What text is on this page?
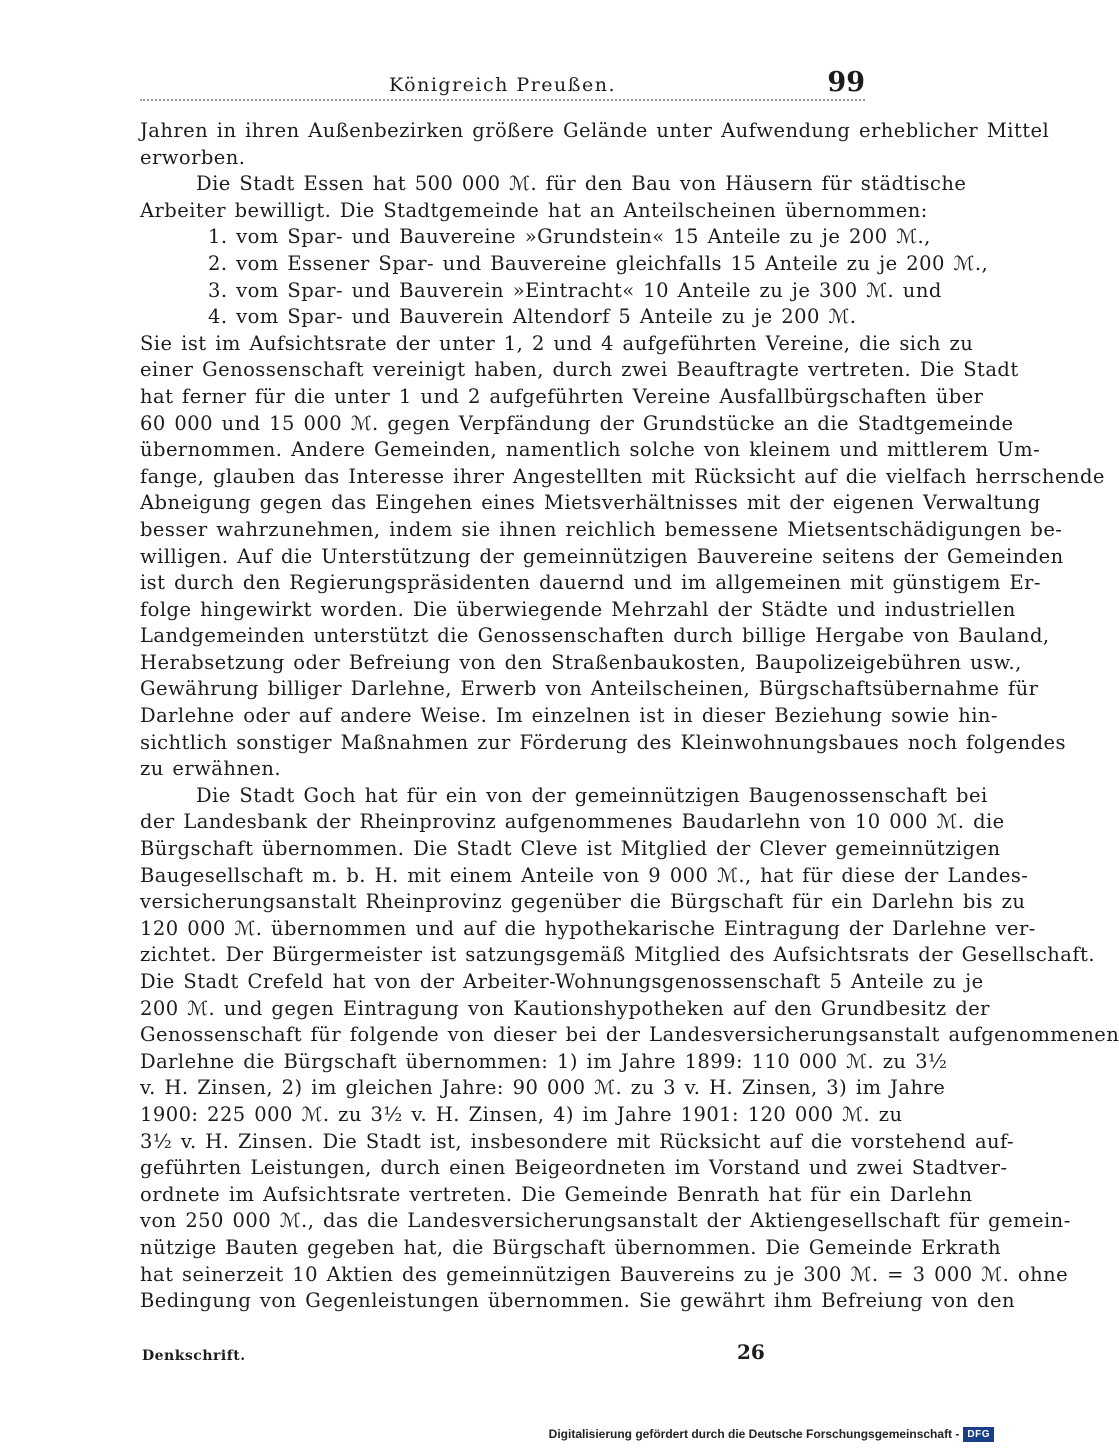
Königreich Preußen.	99
Jahren in ihren Außenbezirken größere Gelände unter Aufwendung erheblicher Mittel
erworben.
Die Stadt Essen hat 500 000 ℳ. für den Bau von Häusern für städtische
Arbeiter bewilligt. Die Stadtgemeinde hat an Anteilscheinen übernommen:
1. vom Spar- und Bauvereine »Grundstein« 15 Anteile zu je 200 ℳ.,
2. vom Essener Spar- und Bauvereine gleichfalls 15 Anteile zu je 200 ℳ.,
3. vom Spar- und Bauverein »Eintracht« 10 Anteile zu je 300 ℳ. und
4. vom Spar- und Bauverein Altendorf 5 Anteile zu je 200 ℳ.
Sie ist im Aufsichtsrate der unter 1, 2 und 4 aufgeführten Vereine, die sich zu
einer Genossenschaft vereinigt haben, durch zwei Beauftragte vertreten. Die Stadt
hat ferner für die unter 1 und 2 aufgeführten Vereine Ausfallbürgschaften über
60 000 und 15 000 ℳ. gegen Verpfändung der Grundstücke an die Stadtgemeinde
übernommen. Andere Gemeinden, namentlich solche von kleinem und mittlerem Um-
fange, glauben das Interesse ihrer Angestellten mit Rücksicht auf die vielfach herrschende
Abneigung gegen das Eingehen eines Mietsverhältnisses mit der eigenen Verwaltung
besser wahrzunehmen, indem sie ihnen reichlich bemessene Mietsentschädigungen be-
willigen. Auf die Unterstützung der gemeinnützigen Bauvereine seitens der Gemeinden
ist durch den Regierungspräsidenten dauernd und im allgemeinen mit günstigem Er-
folge hingewirkt worden. Die überwiegende Mehrzahl der Städte und industriellen
Landgemeinden unterstützt die Genossenschaften durch billige Hergabe von Bauland,
Herabsetzung oder Befreiung von den Straßenbaukosten, Baupolizeigebühren usw.,
Gewährung billiger Darlehne, Erwerb von Anteilscheinen, Bürgschaftsübernahme für
Darlehne oder auf andere Weise. Im einzelnen ist in dieser Beziehung sowie hin-
sichtlich sonstiger Maßnahmen zur Förderung des Kleinwohnungsbaues noch folgendes
zu erwähnen.
Die Stadt Goch hat für ein von der gemeinnützigen Baugenossenschaft bei
der Landesbank der Rheinprovinz aufgenommenes Baudarlehn von 10 000 ℳ. die
Bürgschaft übernommen. Die Stadt Cleve ist Mitglied der Clever gemeinnützigen
Baugesellschaft m. b. H. mit einem Anteile von 9 000 ℳ., hat für diese der Landes-
versicherungsanstalt Rheinprovinz gegenüber die Bürgschaft für ein Darlehn bis zu
120 000 ℳ. übernommen und auf die hypothekarische Eintragung der Darlehne ver-
zichtet. Der Bürgermeister ist satzungsgemäß Mitglied des Aufsichtsrats der Gesellschaft.
Die Stadt Crefeld hat von der Arbeiter-Wohnungsgenossenschaft 5 Anteile zu je
200 ℳ. und gegen Eintragung von Kautionshypotheken auf den Grundbesitz der
Genossenschaft für folgende von dieser bei der Landesversicherungsanstalt aufgenommenen
Darlehne die Bürgschaft übernommen: 1) im Jahre 1899: 110 000 ℳ. zu 3½
v. H. Zinsen, 2) im gleichen Jahre: 90 000 ℳ. zu 3 v. H. Zinsen, 3) im Jahre
1900: 225 000 ℳ. zu 3½ v. H. Zinsen, 4) im Jahre 1901: 120 000 ℳ. zu
3½ v. H. Zinsen. Die Stadt ist, insbesondere mit Rücksicht auf die vorstehend auf-
geführten Leistungen, durch einen Beigeordneten im Vorstand und zwei Stadtver-
ordnete im Aufsichtsrate vertreten. Die Gemeinde Benrath hat für ein Darlehn
von 250 000 ℳ., das die Landesversicherungsanstalt der Aktiengesellschaft für gemein-
nützige Bauten gegeben hat, die Bürgschaft übernommen. Die Gemeinde Erkrath
hat seinerzeit 10 Aktien des gemeinnützigen Bauvereins zu je 300 ℳ. = 3 000 ℳ. ohne
Bedingung von Gegenleistungen übernommen. Sie gewährt ihm Befreiung von den
Denkschrift.	26
Digitalisierung gefördert durch die Deutsche Forschungsgemeinschaft - DFG
